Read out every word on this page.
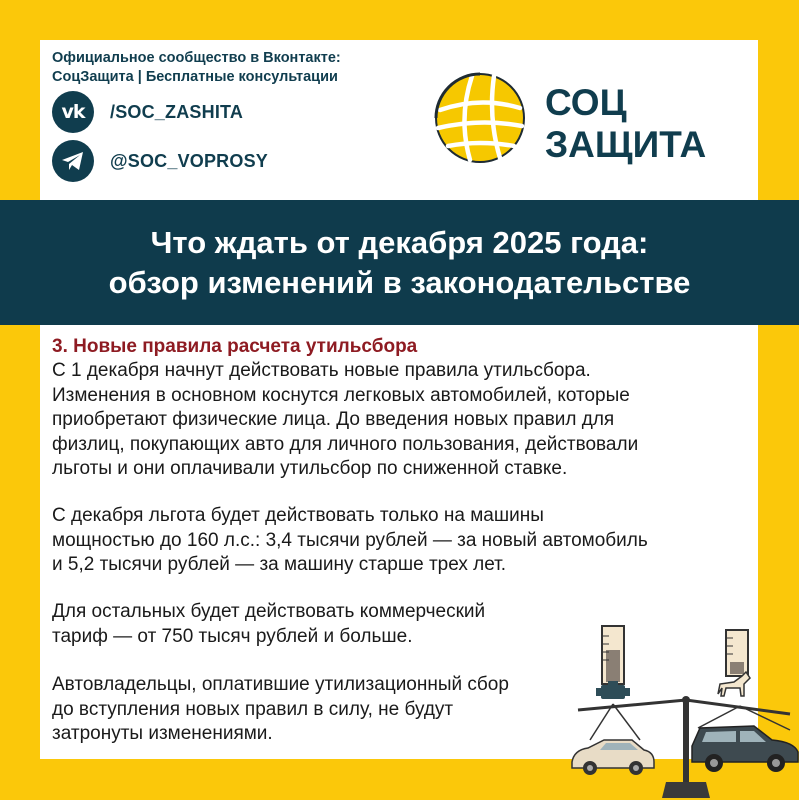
Официальное сообщество в Вконтакте:
СоцЗащита | Бесплатные консультации
vk /SOC_ZASHITA
@SOC_VOPROSY
СОЦ
ЗАЩИТА
Что ждать от декабря 2025 года:
обзор изменений в законодательстве
3. Новые правила расчета утильсбора
С 1 декабря начнут действовать новые правила утильсбора.
Изменения в основном коснутся легковых автомобилей, которые
приобретают физические лица. До введения новых правил для
физлиц, покупающих авто для личного пользования, действовали
льготы и они оплачивали утильсбор по сниженной ставке.
С декабря льгота будет действовать только на машины
мощностью до 160 л.с.: 3,4 тысячи рублей — за новый автомобиль
и 5,2 тысячи рублей — за машину старше трех лет.
Для остальных будет действовать коммерческий
тариф — от 750 тысяч рублей и больше.
Автовладельцы, оплатившие утилизационный сбор
до вступления новых правил в силу, не будут
затронуты изменениями.
